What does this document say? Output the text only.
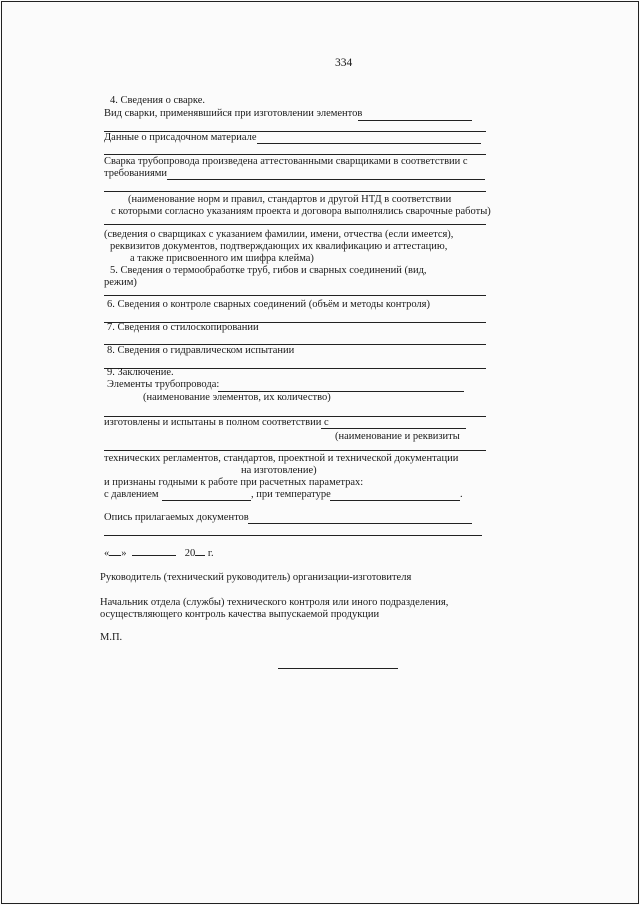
334
4. Сведения о сварке.
Вид сварки, применявшийся при изготовлении элементов
Данные о присадочном материале
Сварка трубопровода произведена аттестованными сварщиками в соответствии с
требованиями
(наименование норм и правил, стандартов и другой НТД в соответствии
с которыми согласно указаниям проекта и договора выполнялись сварочные работы)
(сведения о сварщиках с указанием фамилии, имени, отчества (если имеется),
реквизитов документов, подтверждающих их квалификацию и аттестацию,
а также присвоенного им шифра клейма)
5. Сведения о термообработке труб, гибов и сварных соединений (вид,
режим)
6. Сведения о контроле сварных соединений (объём и методы контроля)
7. Сведения о стилоскопировании
8. Сведения о гидравлическом испытании
9. Заключение.
Элементы трубопровода:
(наименование элементов, их количество)
изготовлены и испытаны в полном соответствии с
(наименование и реквизиты
технических регламентов, стандартов, проектной и технической документации
на изготовление)
и признаны годными к работе при расчетных параметрах:
с давлением	, при температуре	.
Опись прилагаемых документов
« »	20 г.
Руководитель (технический руководитель) организации-изготовителя
Начальник отдела (службы) технического контроля или иного подразделения,
осуществляющего контроль качества выпускаемой продукции
М.П.
